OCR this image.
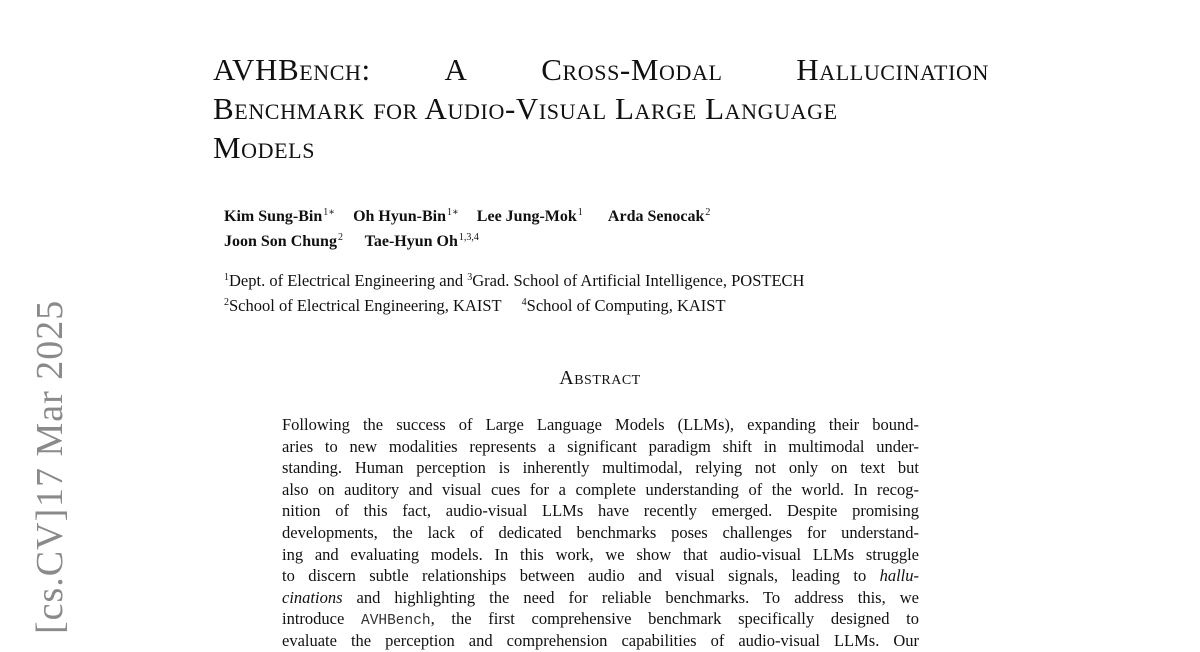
[cs.CV]17 Mar 2025
AVHBench: A Cross-Modal Hallucination
Benchmark for Audio-Visual Large Language
Models
Kim Sung-Bin$^{1∗}$ Oh Hyun-Bin$^{1∗}$ Lee Jung-Mok$^1$ Arda Senocak$^2$
Joon Son Chung$^2$ Tae-Hyun Oh$^{1,3,4}$
$^1$Dept. of Electrical Engineering and $^3$Grad. School of Artificial Intelligence, POSTECH
$^2$School of Electrical Engineering, KAIST $^4$School of Computing, KAIST
Abstract
Following the success of Large Language Models (LLMs), expanding their bound-
aries to new modalities represents a significant paradigm shift in multimodal under-
standing. Human perception is inherently multimodal, relying not only on text but
also on auditory and visual cues for a complete understanding of the world. In recog-
nition of this fact, audio-visual LLMs have recently emerged. Despite promising
developments, the lack of dedicated benchmarks poses challenges for understand-
ing and evaluating models. In this work, we show that audio-visual LLMs struggle
to discern subtle relationships between audio and visual signals, leading to hallu-
cinations and highlighting the need for reliable benchmarks. To address this, we
introduce AVHBench, the first comprehensive benchmark specifically designed to
evaluate the perception and comprehension capabilities of audio-visual LLMs. Our
